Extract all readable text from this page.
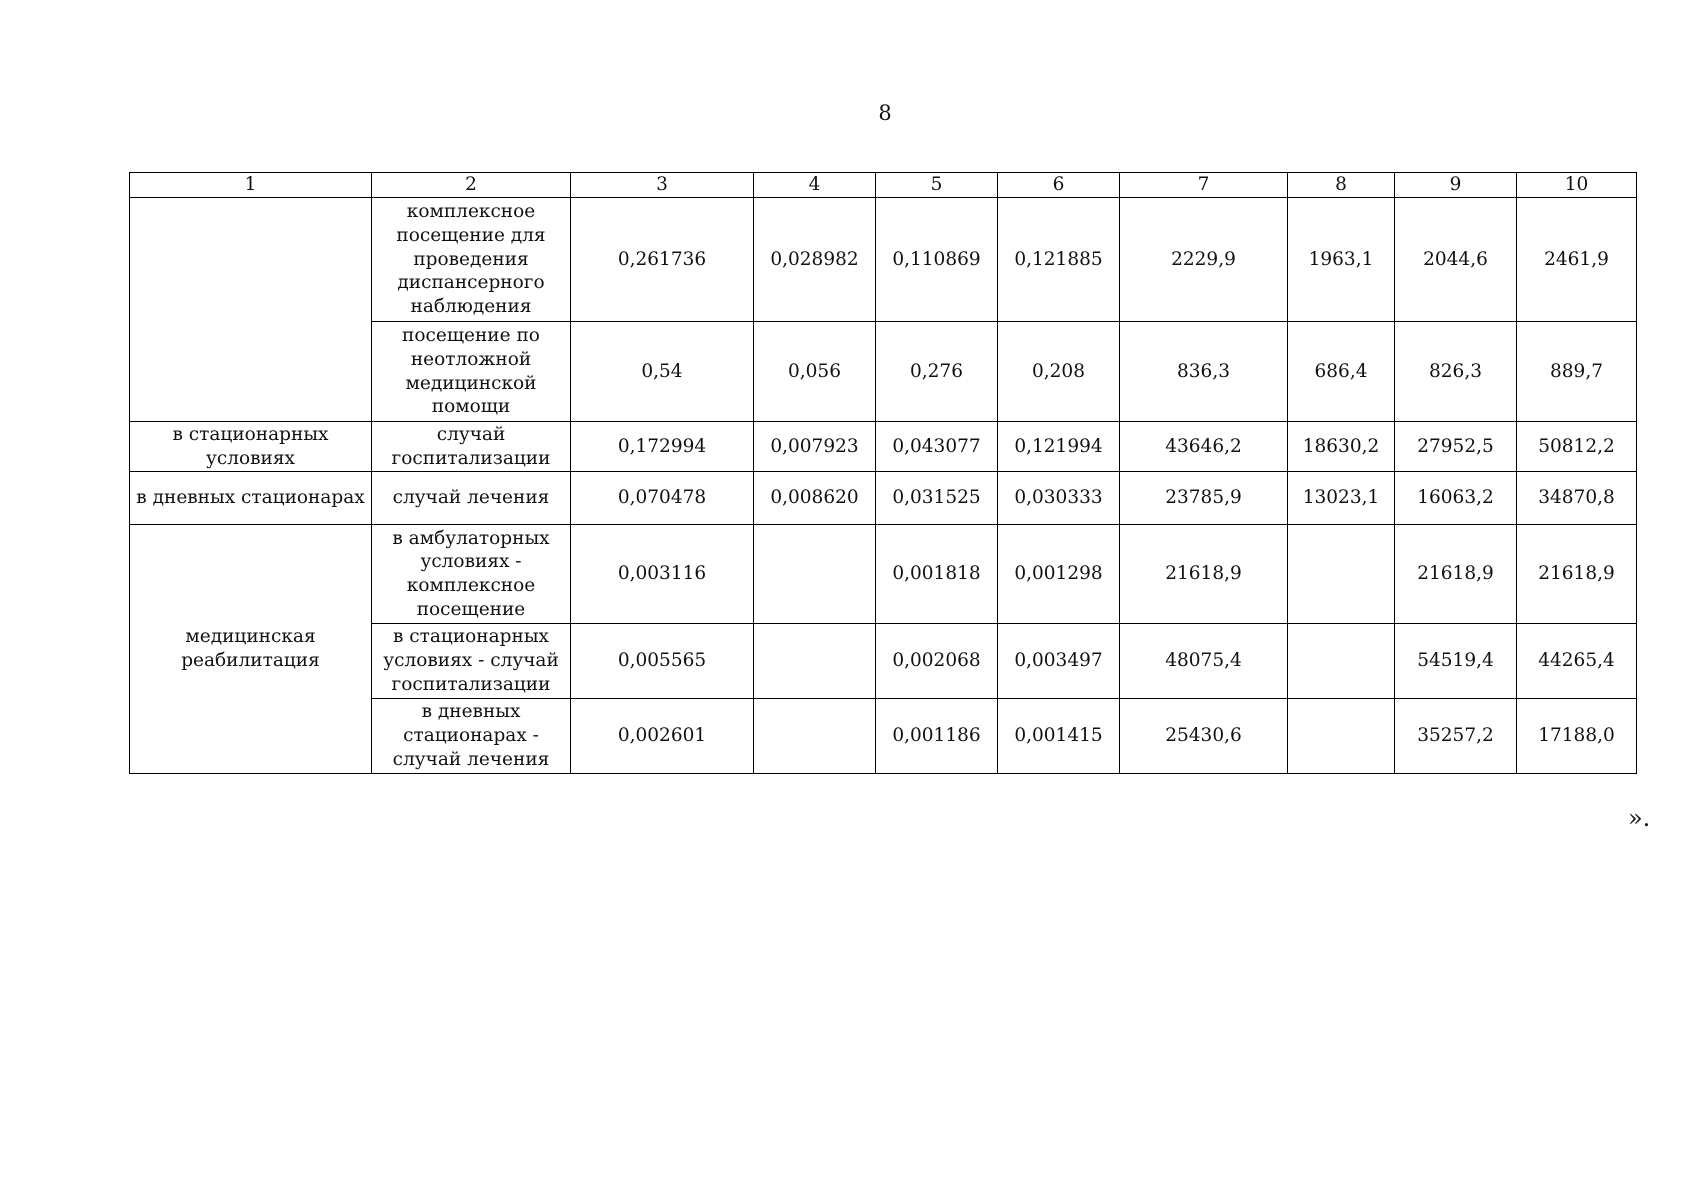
8
1	2	3	4	5	6	7	8	9	10
	комплексное посещение для проведения диспансерного наблюдения	0,261736	0,028982	0,110869	0,121885	2229,9	1963,1	2044,6	2461,9
	посещение по неотложной медицинской помощи	0,54	0,056	0,276	0,208	836,3	686,4	826,3	889,7
в стационарных условиях	случай госпитализации	0,172994	0,007923	0,043077	0,121994	43646,2	18630,2	27952,5	50812,2
в дневных стационарах	случай лечения	0,070478	0,008620	0,031525	0,030333	23785,9	13023,1	16063,2	34870,8
медицинская реабилитация	в амбулаторных условиях - комплексное посещение	0,003116		0,001818	0,001298	21618,9		21618,9	21618,9
	в стационарных условиях - случай госпитализации	0,005565		0,002068	0,003497	48075,4		54519,4	44265,4
	в дневных стационарах - случай лечения	0,002601		0,001186	0,001415	25430,6		35257,2	17188,0
».
